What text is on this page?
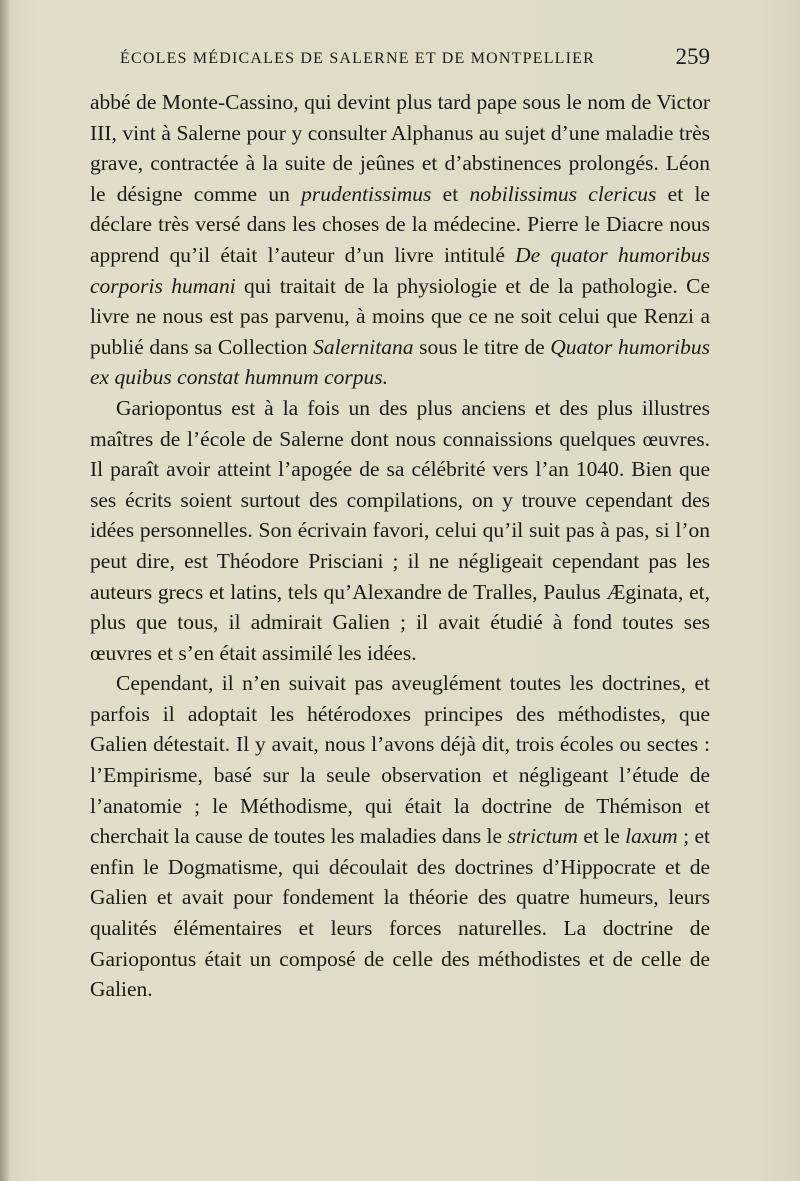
ÉCOLES MÉDICALES DE SALERNE ET DE MONTPELLIER	259

abbé de Monte-Cassino, qui devint plus tard pape sous le nom de Victor III, vint à Salerne pour y consulter Alphanus au sujet d’une maladie très grave, contractée à la suite de jeûnes et d’abstinences prolongés. Léon le désigne comme un prudentissimus et nobilissimus clericus et le déclare très versé dans les choses de la médecine. Pierre le Diacre nous apprend qu’il était l’auteur d’un livre intitulé De quator humoribus corporis humani qui traitait de la physiologie et de la pathologie. Ce livre ne nous est pas parvenu, à moins que ce ne soit celui que Renzi a publié dans sa Collection Salernitana sous le titre de Quator humoribus ex quibus constat humnum corpus.

Gariopontus est à la fois un des plus anciens et des plus illustres maîtres de l’école de Salerne dont nous connaissions quelques œuvres. Il paraît avoir atteint l’apogée de sa célébrité vers l’an 1040. Bien que ses écrits soient surtout des compilations, on y trouve cependant des idées personnelles. Son écrivain favori, celui qu’il suit pas à pas, si l’on peut dire, est Théodore Prisciani ; il ne négligeait cependant pas les auteurs grecs et latins, tels qu’Alexandre de Tralles, Paulus Æginata, et, plus que tous, il admirait Galien ; il avait étudié à fond toutes ses œuvres et s’en était assimilé les idées.

Cependant, il n’en suivait pas aveuglément toutes les doctrines, et parfois il adoptait les hétérodoxes principes des méthodistes, que Galien détestait. Il y avait, nous l’avons déjà dit, trois écoles ou sectes : l’Empirisme, basé sur la seule observation et négligeant l’étude de l’anatomie ; le Méthodisme, qui était la doctrine de Thémison et cherchait la cause de toutes les maladies dans le strictum et le laxum ; et enfin le Dogmatisme, qui découlait des doctrines d’Hippocrate et de Galien et avait pour fondement la théorie des quatre humeurs, leurs qualités élémentaires et leurs forces naturelles. La doctrine de Gariopontus était un composé de celle des méthodistes et de celle de Galien.
